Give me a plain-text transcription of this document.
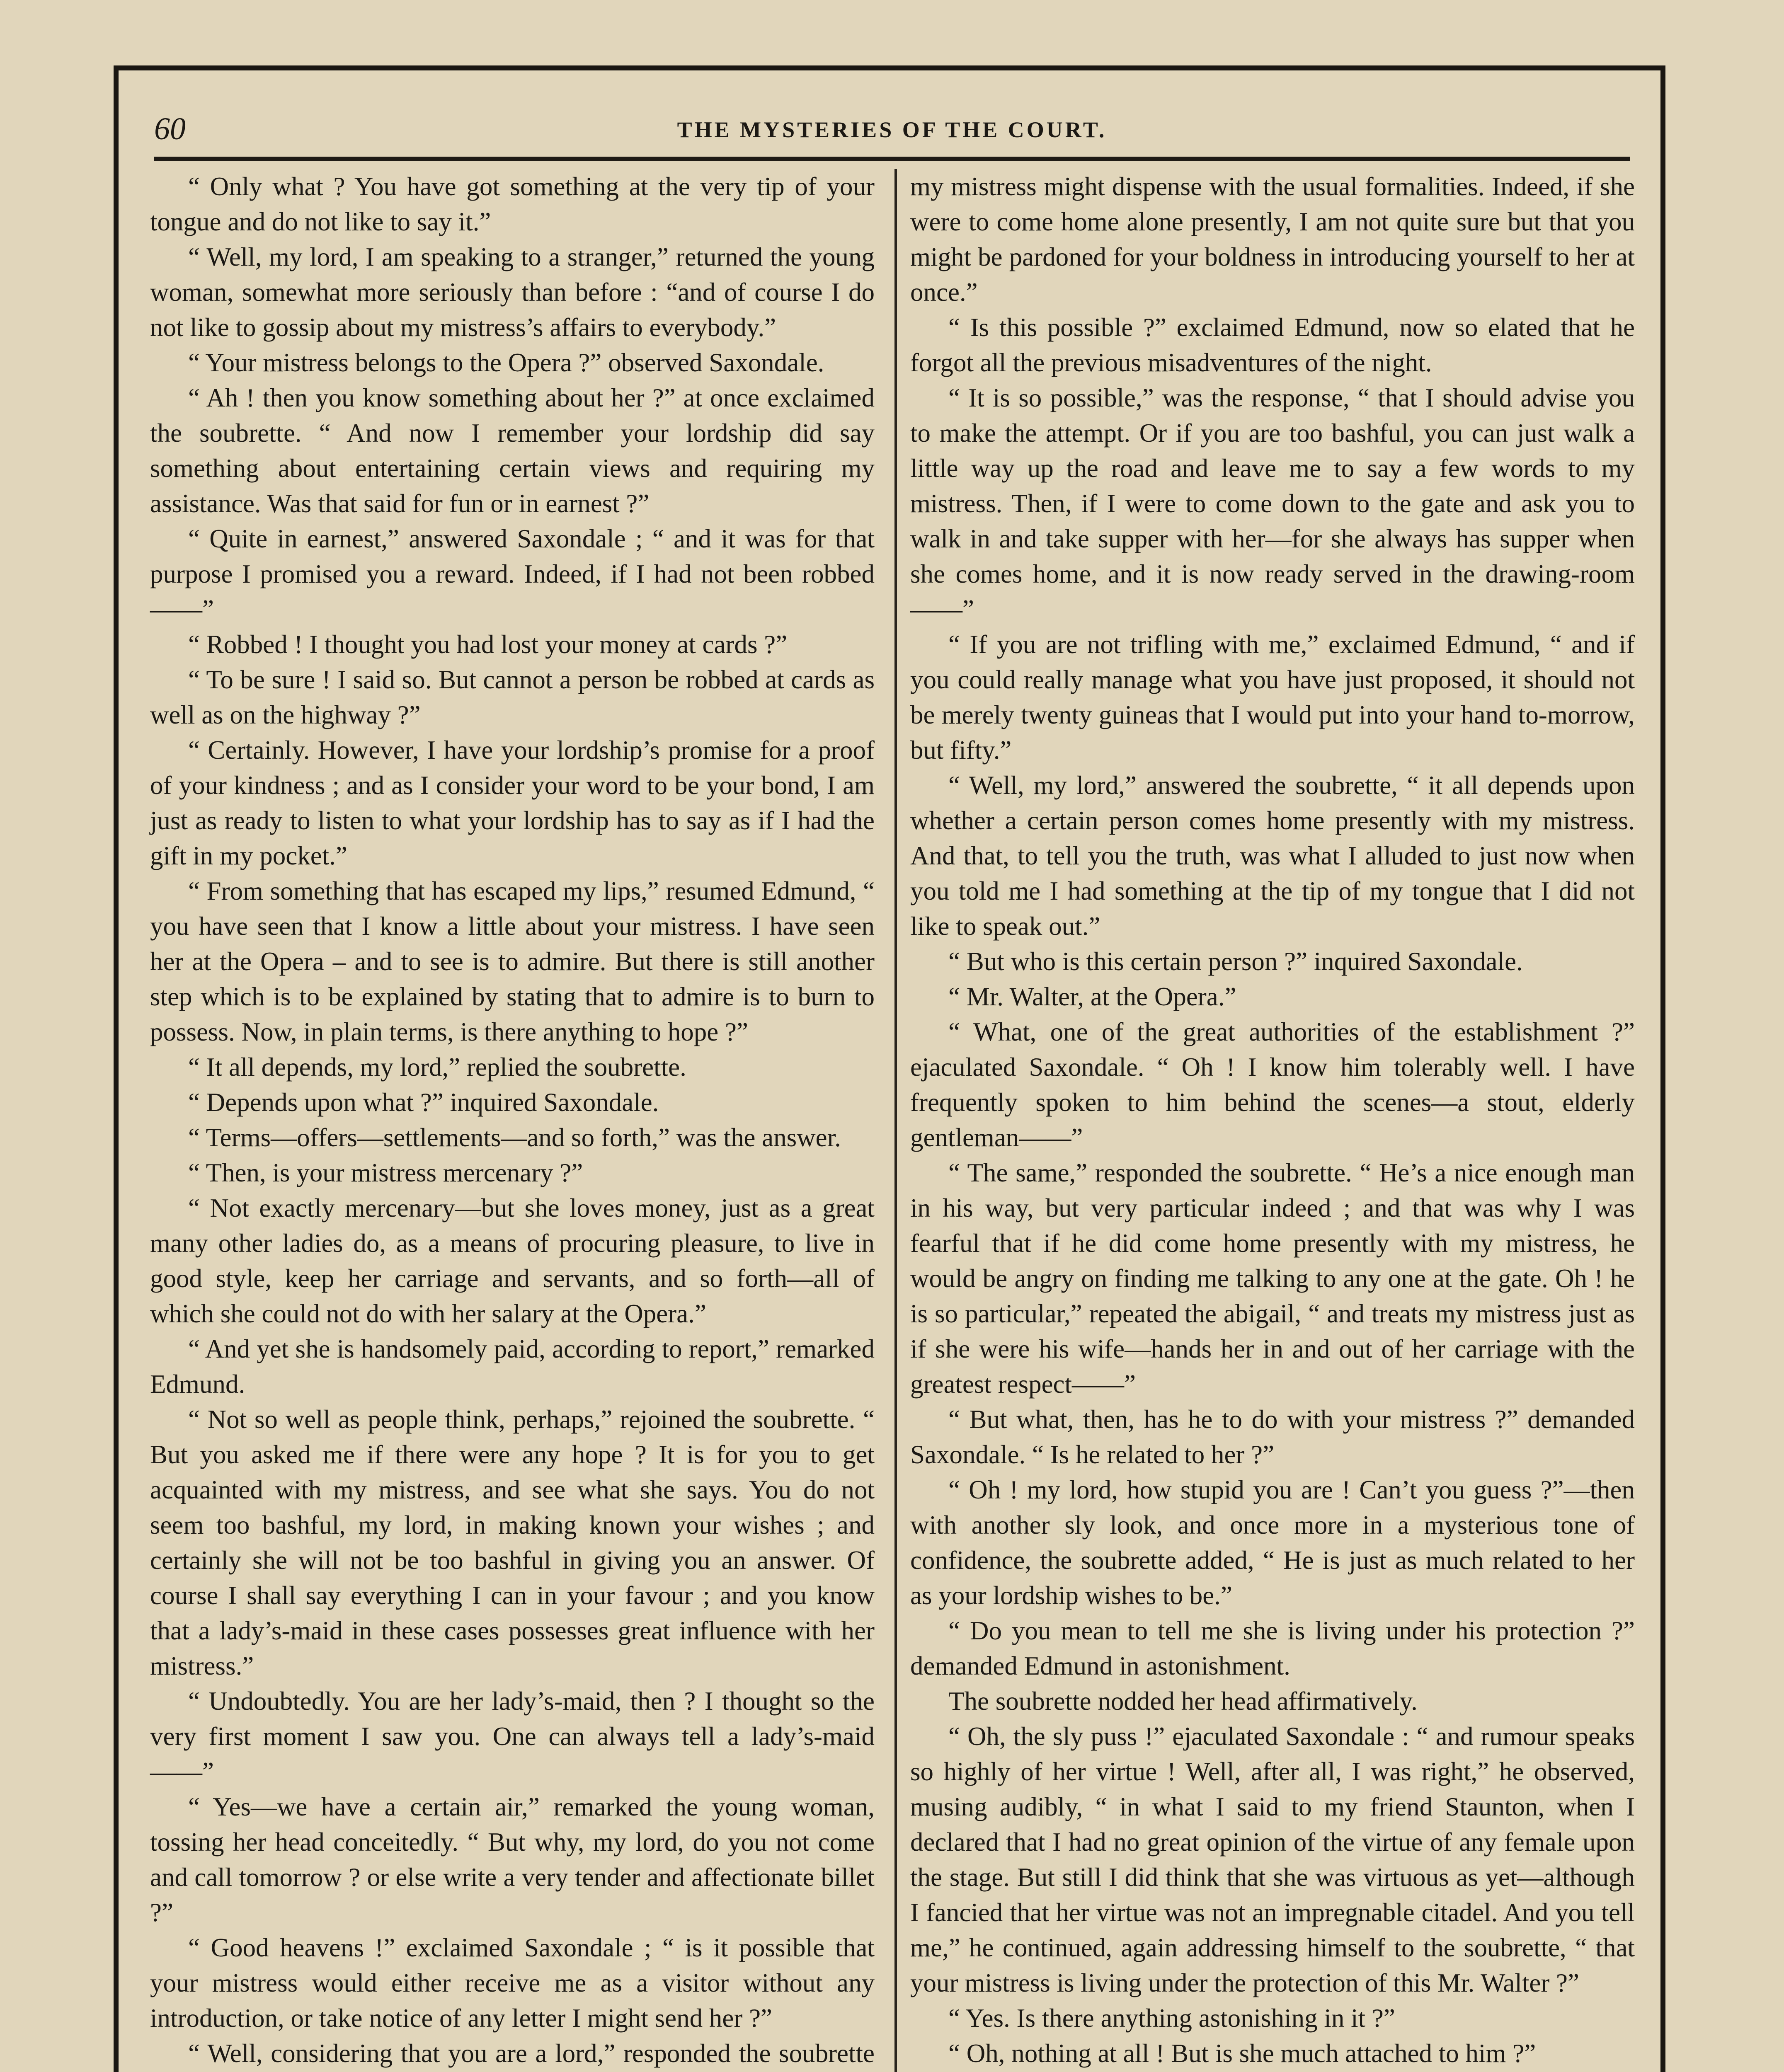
60	THE MYSTERIES OF THE COURT.

“ Only what ? You have got something at the very tip of your tongue and do not like to say it.”

“ Well, my lord, I am speaking to a stranger,” returned the young woman, somewhat more seriously than before : “and of course I do not like to gossip about my mistress’s affairs to everybody.”

“ Your mistress belongs to the Opera ?” observed Saxondale.

“ Ah ! then you know something about her ?” at once exclaimed the soubrette. “ And now I remember your lordship did say something about entertaining certain views and requiring my assistance. Was that said for fun or in earnest ?”

“ Quite in earnest,” answered Saxondale ; “ and it was for that purpose I promised you a reward. Indeed, if I had not been robbed——”

“ Robbed ! I thought you had lost your money at cards ?”

“ To be sure ! I said so. But cannot a person be robbed at cards as well as on the highway ?”

“ Certainly. However, I have your lordship’s promise for a proof of your kindness ; and as I consider your word to be your bond, I am just as ready to listen to what your lordship has to say as if I had the gift in my pocket.”

“ From something that has escaped my lips,” resumed Edmund, “ you have seen that I know a little about your mistress. I have seen her at the Opera – and to see is to admire. But there is still another step which is to be explained by stating that to admire is to burn to possess. Now, in plain terms, is there anything to hope ?”

“ It all depends, my lord,” replied the soubrette.

“ Depends upon what ?” inquired Saxondale.

“ Terms—offers—settlements—and so forth,” was the answer.

“ Then, is your mistress mercenary ?”

“ Not exactly mercenary—but she loves money, just as a great many other ladies do, as a means of procuring pleasure, to live in good style, keep her carriage and servants, and so forth—all of which she could not do with her salary at the Opera.”

“ And yet she is handsomely paid, according to report,” remarked Edmund.

“ Not so well as people think, perhaps,” rejoined the soubrette. “ But you asked me if there were any hope ? It is for you to get acquainted with my mistress, and see what she says. You do not seem too bashful, my lord, in making known your wishes ; and certainly she will not be too bashful in giving you an answer. Of course I shall say everything I can in your favour ; and you know that a lady’s-maid in these cases possesses great influence with her mistress.”

“ Undoubtedly. You are her lady’s-maid, then ? I thought so the very first moment I saw you. One can always tell a lady’s-maid——”

“ Yes—we have a certain air,” remarked the young woman, tossing her head conceitedly. “ But why, my lord, do you not come and call tomorrow ? or else write a very tender and affectionate billet ?”

“ Good heavens !” exclaimed Saxondale ; “ is it possible that your mistress would either receive me as a visitor without any introduction, or take notice of any letter I might send her ?”

“ Well, considering that you are a lord,” responded the soubrette

my mistress might dispense with the usual formalities. Indeed, if she were to come home alone presently, I am not quite sure but that you might be pardoned for your boldness in introducing yourself to her at once.”

“ Is this possible ?” exclaimed Edmund, now so elated that he forgot all the previous misadventures of the night.

“ It is so possible,” was the response, “ that I should advise you to make the attempt. Or if you are too bashful, you can just walk a little way up the road and leave me to say a few words to my mistress. Then, if I were to come down to the gate and ask you to walk in and take supper with her—for she always has supper when she comes home, and it is now ready served in the drawing-room——”

“ If you are not trifling with me,” exclaimed Edmund, “ and if you could really manage what you have just proposed, it should not be merely twenty guineas that I would put into your hand to-morrow, but fifty.”

“ Well, my lord,” answered the soubrette, “ it all depends upon whether a certain person comes home presently with my mistress. And that, to tell you the truth, was what I alluded to just now when you told me I had something at the tip of my tongue that I did not like to speak out.”

“ But who is this certain person ?” inquired Saxondale.

“ Mr. Walter, at the Opera.”

“ What, one of the great authorities of the establishment ?” ejaculated Saxondale. “ Oh ! I know him tolerably well. I have frequently spoken to him behind the scenes—a stout, elderly gentleman——”

“ The same,” responded the soubrette. “ He’s a nice enough man in his way, but very particular indeed ; and that was why I was fearful that if he did come home presently with my mistress, he would be angry on finding me talking to any one at the gate. Oh ! he is so particular,” repeated the abigail, “ and treats my mistress just as if she were his wife—hands her in and out of her carriage with the greatest respect——”

“ But what, then, has he to do with your mistress ?” demanded Saxondale. “ Is he related to her ?”

“ Oh ! my lord, how stupid you are ! Can’t you guess ?”—then with another sly look, and once more in a mysterious tone of confidence, the soubrette added, “ He is just as much related to her as your lordship wishes to be.”

“ Do you mean to tell me she is living under his protection ?” demanded Edmund in astonishment.

The soubrette nodded her head affirmatively.

“ Oh, the sly puss !” ejaculated Saxondale : “ and rumour speaks so highly of her virtue ! Well, after all, I was right,” he observed, musing audibly, “ in what I said to my friend Staunton, when I declared that I had no great opinion of the virtue of any female upon the stage. But still I did think that she was virtuous as yet—although I fancied that her virtue was not an impregnable citadel. And you tell me,” he continued, again addressing himself to the soubrette, “ that your mistress is living under the protection of this Mr. Walter ?”

“ Yes. Is there anything astonishing in it ?”

“ Oh, nothing at all ! But is she much attached to him ?”
